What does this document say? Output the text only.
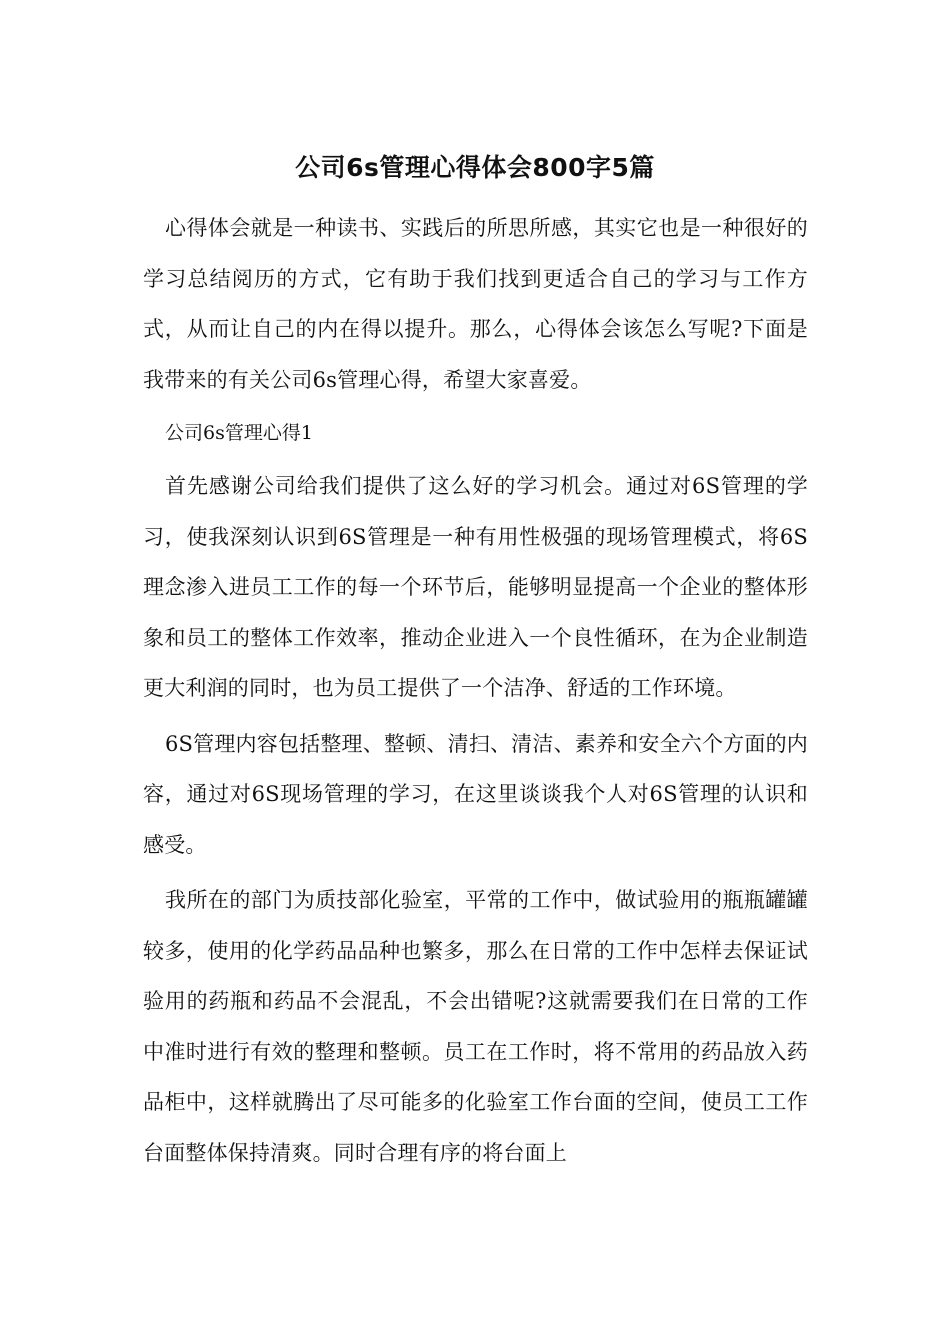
公司6s管理心得体会800字5篇

心得体会就是一种读书、实践后的所思所感，其实它也是一种很好的学习总结阅历的方式，它有助于我们找到更适合自己的学习与工作方式，从而让自己的内在得以提升。那么，心得体会该怎么写呢?下面是我带来的有关公司6s管理心得，希望大家喜爱。

公司6s管理心得1

首先感谢公司给我们提供了这么好的学习机会。通过对6S管理的学习，使我深刻认识到6S管理是一种有用性极强的现场管理模式，将6S理念渗入进员工工作的每一个环节后，能够明显提高一个企业的整体形象和员工的整体工作效率，推动企业进入一个良性循环，在为企业制造更大利润的同时，也为员工提供了一个洁净、舒适的工作环境。

6S管理内容包括整理、整顿、清扫、清洁、素养和安全六个方面的内容，通过对6S现场管理的学习，在这里谈谈我个人对6S管理的认识和感受。

我所在的部门为质技部化验室，平常的工作中，做试验用的瓶瓶罐罐较多，使用的化学药品品种也繁多，那么在日常的工作中怎样去保证试验用的药瓶和药品不会混乱，不会出错呢?这就需要我们在日常的工作中准时进行有效的整理和整顿。员工在工作时，将不常用的药品放入药品柜中，这样就腾出了尽可能多的化验室工作台面的空间，使员工工作台面整体保持清爽。同时合理有序的将台面上
